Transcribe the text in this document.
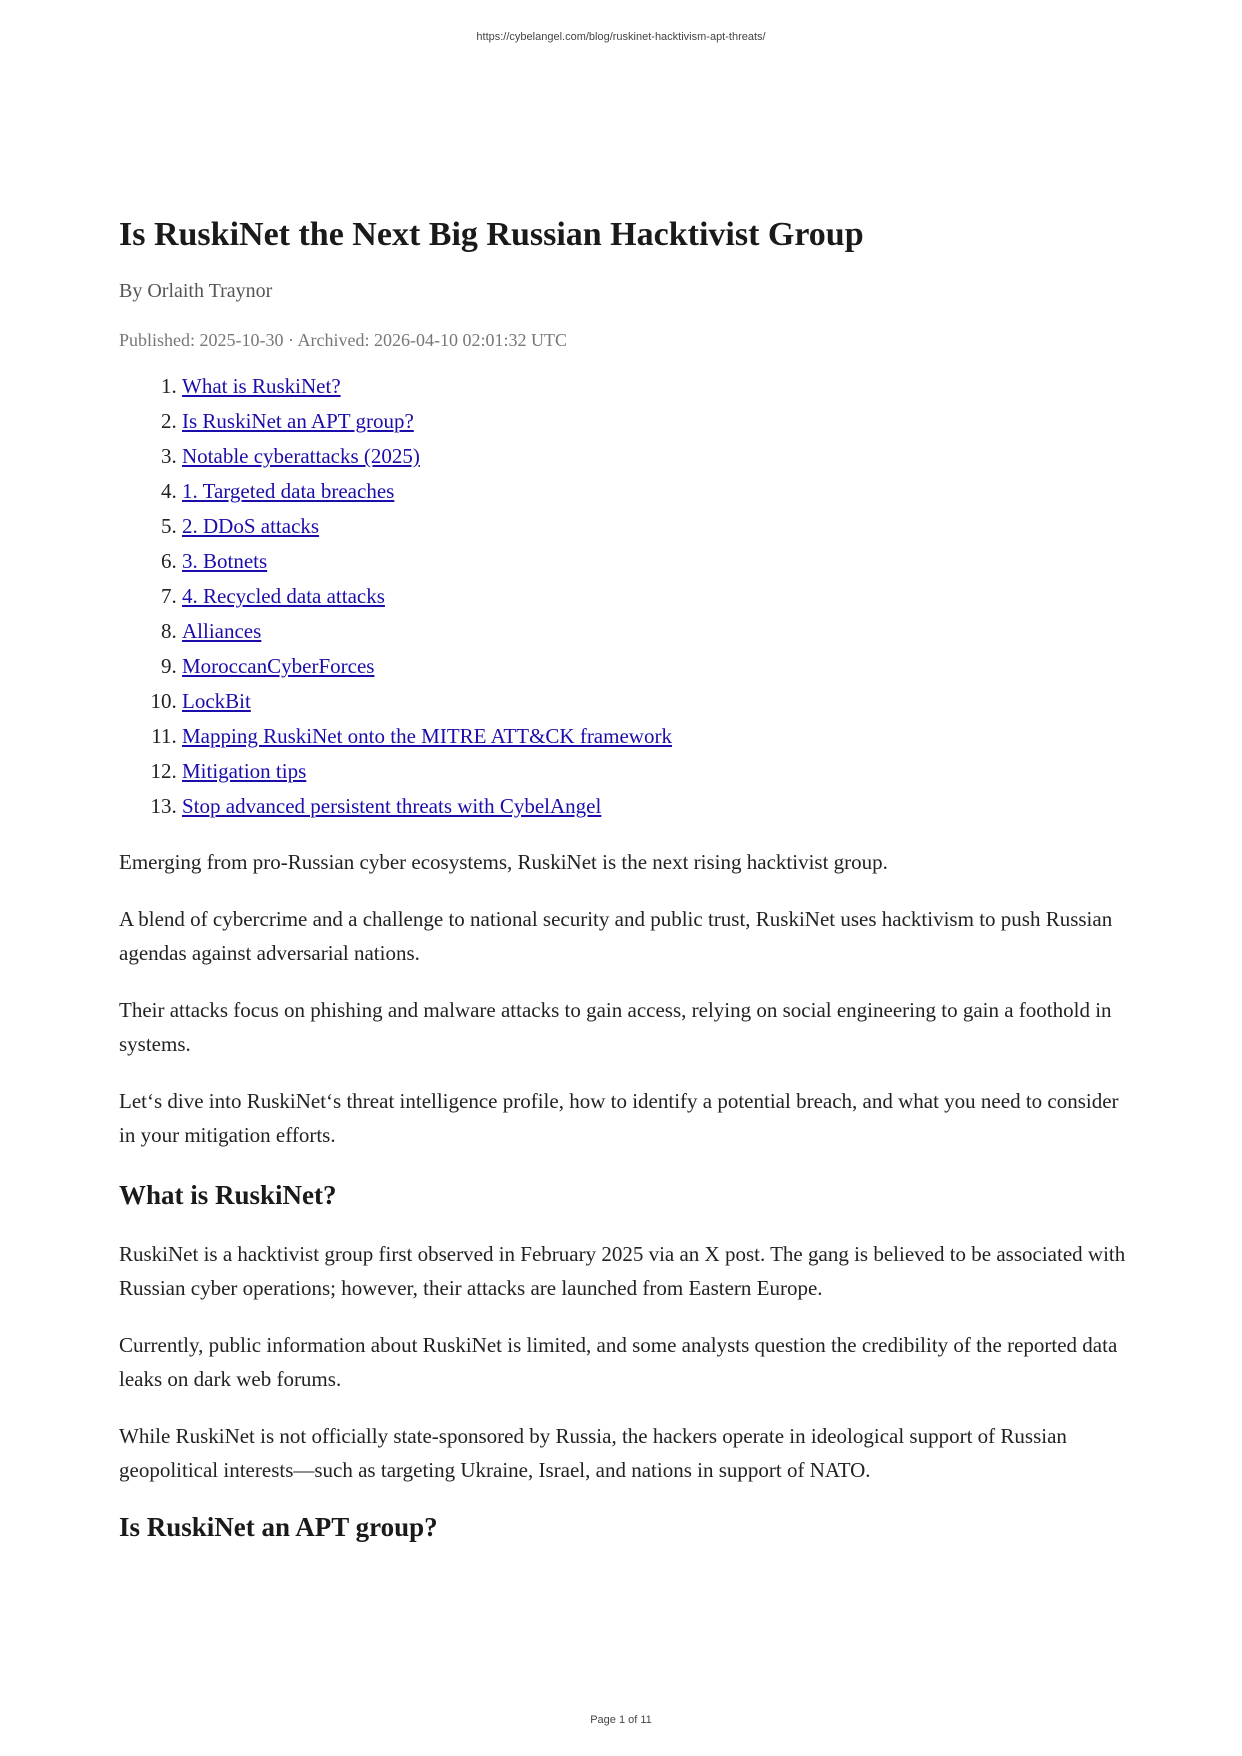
https://cybelangel.com/blog/ruskinet-hacktivism-apt-threats/
Is RuskiNet the Next Big Russian Hacktivist Group
By Orlaith Traynor
Published: 2025-10-30 · Archived: 2026-04-10 02:01:32 UTC
1. What is RuskiNet?
2. Is RuskiNet an APT group?
3. Notable cyberattacks (2025)
4. 1. Targeted data breaches
5. 2. DDoS attacks
6. 3. Botnets
7. 4. Recycled data attacks
8. Alliances
9. MoroccanCyberForces
10. LockBit
11. Mapping RuskiNet onto the MITRE ATT&CK framework
12. Mitigation tips
13. Stop advanced persistent threats with CybelAngel

Emerging from pro-Russian cyber ecosystems, RuskiNet is the next rising hacktivist group.

A blend of cybercrime and a challenge to national security and public trust, RuskiNet uses hacktivism to push Russian agendas against adversarial nations.

Their attacks focus on phishing and malware attacks to gain access, relying on social engineering to gain a foothold in systems.

Let‘s dive into RuskiNet‘s threat intelligence profile, how to identify a potential breach, and what you need to consider in your mitigation efforts.

What is RuskiNet?

RuskiNet is a hacktivist group first observed in February 2025 via an X post. The gang is believed to be associated with Russian cyber operations; however, their attacks are launched from Eastern Europe.

Currently, public information about RuskiNet is limited, and some analysts question the credibility of the reported data leaks on dark web forums.

While RuskiNet is not officially state-sponsored by Russia, the hackers operate in ideological support of Russian geopolitical interests—such as targeting Ukraine, Israel, and nations in support of NATO.

Is RuskiNet an APT group?
Page 1 of 11
